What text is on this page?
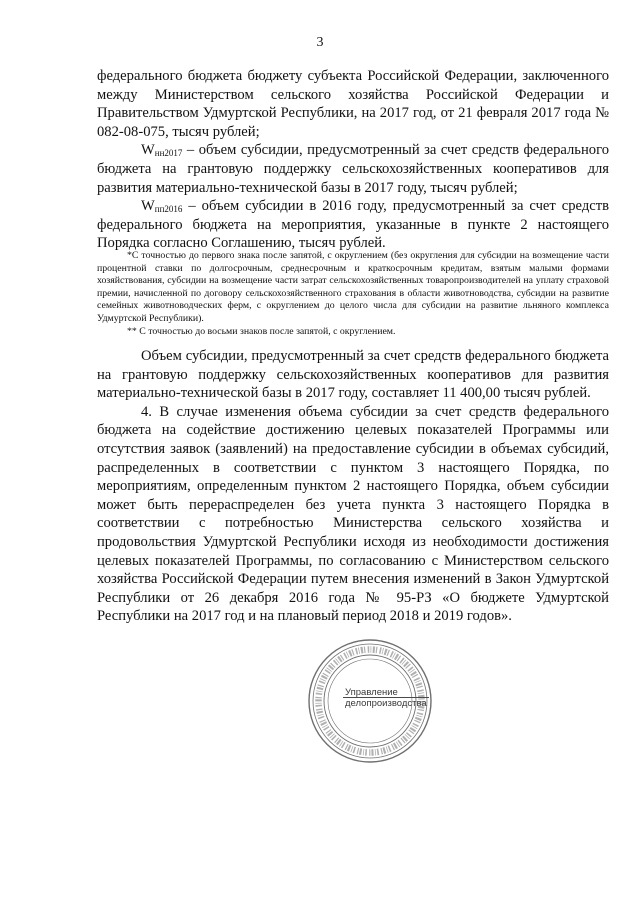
3

федерального бюджета бюджету субъекта Российской Федерации, заключенного между Министерством сельского хозяйства Российской Федерации и Правительством Удмуртской Республики, на 2017 год, от 21 февраля 2017 года № 082-08-075, тысяч рублей;

$W_{нн2017}$ – объем субсидии, предусмотренный за счет средств федерального бюджета на грантовую поддержку сельскохозяйственных кооперативов для развития материально-технической базы в 2017 году, тысяч рублей;

$W_{пп2016}$ – объем субсидии в 2016 году, предусмотренный за счет средств федерального бюджета на мероприятия, указанные в пункте 2 настоящего Порядка согласно Соглашению, тысяч рублей.

*С точностью до первого знака после запятой, с округлением (без округления для субсидии на возмещение части процентной ставки по долгосрочным, среднесрочным и краткосрочным кредитам, взятым малыми формами хозяйствования, субсидии на возмещение части затрат сельскохозяйственных товаропроизводителей на уплату страховой премии, начисленной по договору сельскохозяйственного страхования в области животноводства, субсидии на развитие семейных животноводческих ферм, с округлением до целого числа для субсидии на развитие льняного комплекса Удмуртской Республики).

** С точностью до восьми знаков после запятой, с округлением.

Объем субсидии, предусмотренный за счет средств федерального бюджета на грантовую поддержку сельскохозяйственных кооперативов для развития материально-технической базы в 2017 году, составляет 11 400,00 тысяч рублей.

4. В случае изменения объема субсидии за счет средств федерального бюджета на содействие достижению целевых показателей Программы или отсутствия заявок (заявлений) на предоставление субсидии в объемах субсидий, распределенных в соответствии с пунктом 3 настоящего Порядка, по мероприятиям, определенным пунктом 2 настоящего Порядка, объем субсидии может быть перераспределен без учета пункта 3 настоящего Порядка в соответствии с потребностью Министерства сельского хозяйства и продовольствия Удмуртской Республики исходя из необходимости достижения целевых показателей Программы, по согласованию с Министерством сельского хозяйства Российской Федерации путем внесения изменений в Закон Удмуртской Республики от 26 декабря 2016 года № 95-РЗ «О бюджете Удмуртской Республики на 2017 год и на плановый период 2018 и 2019 годов».

Управление
делопроизводства
